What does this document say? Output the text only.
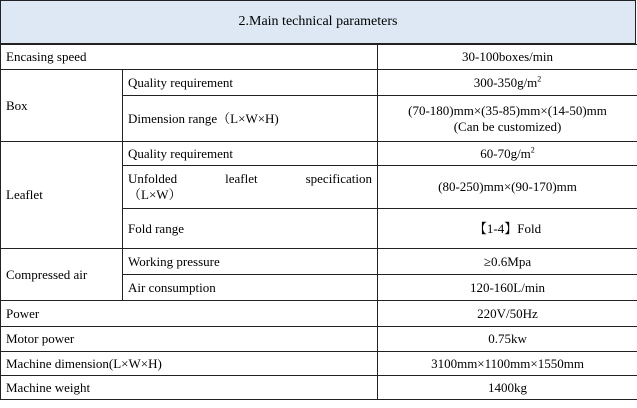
2.Main technical parameters
Encasing speed		30-100boxes/min
Box	Quality requirement	$300-350g/m^2$
	Dimension range（L×W×H)	(70-180)mm×(35-85)mm×(14-50)mm
(Can be customized)

Leaflet	Quality requirement	$60-70g/m^2$

	Unfolded leaflet specification
（L×W）	(80-250)mm×(90-170)mm
	Fold range	【1-4】Fold
Compressed air	Working pressure	≥0.6Mpa
	Air consumption	120-160L/min
Power		220V/50Hz
Motor power		0.75kw
Machine dimension(L×W×H)		3100mm×1100mm×1550mm
Machine weight		1400kg
